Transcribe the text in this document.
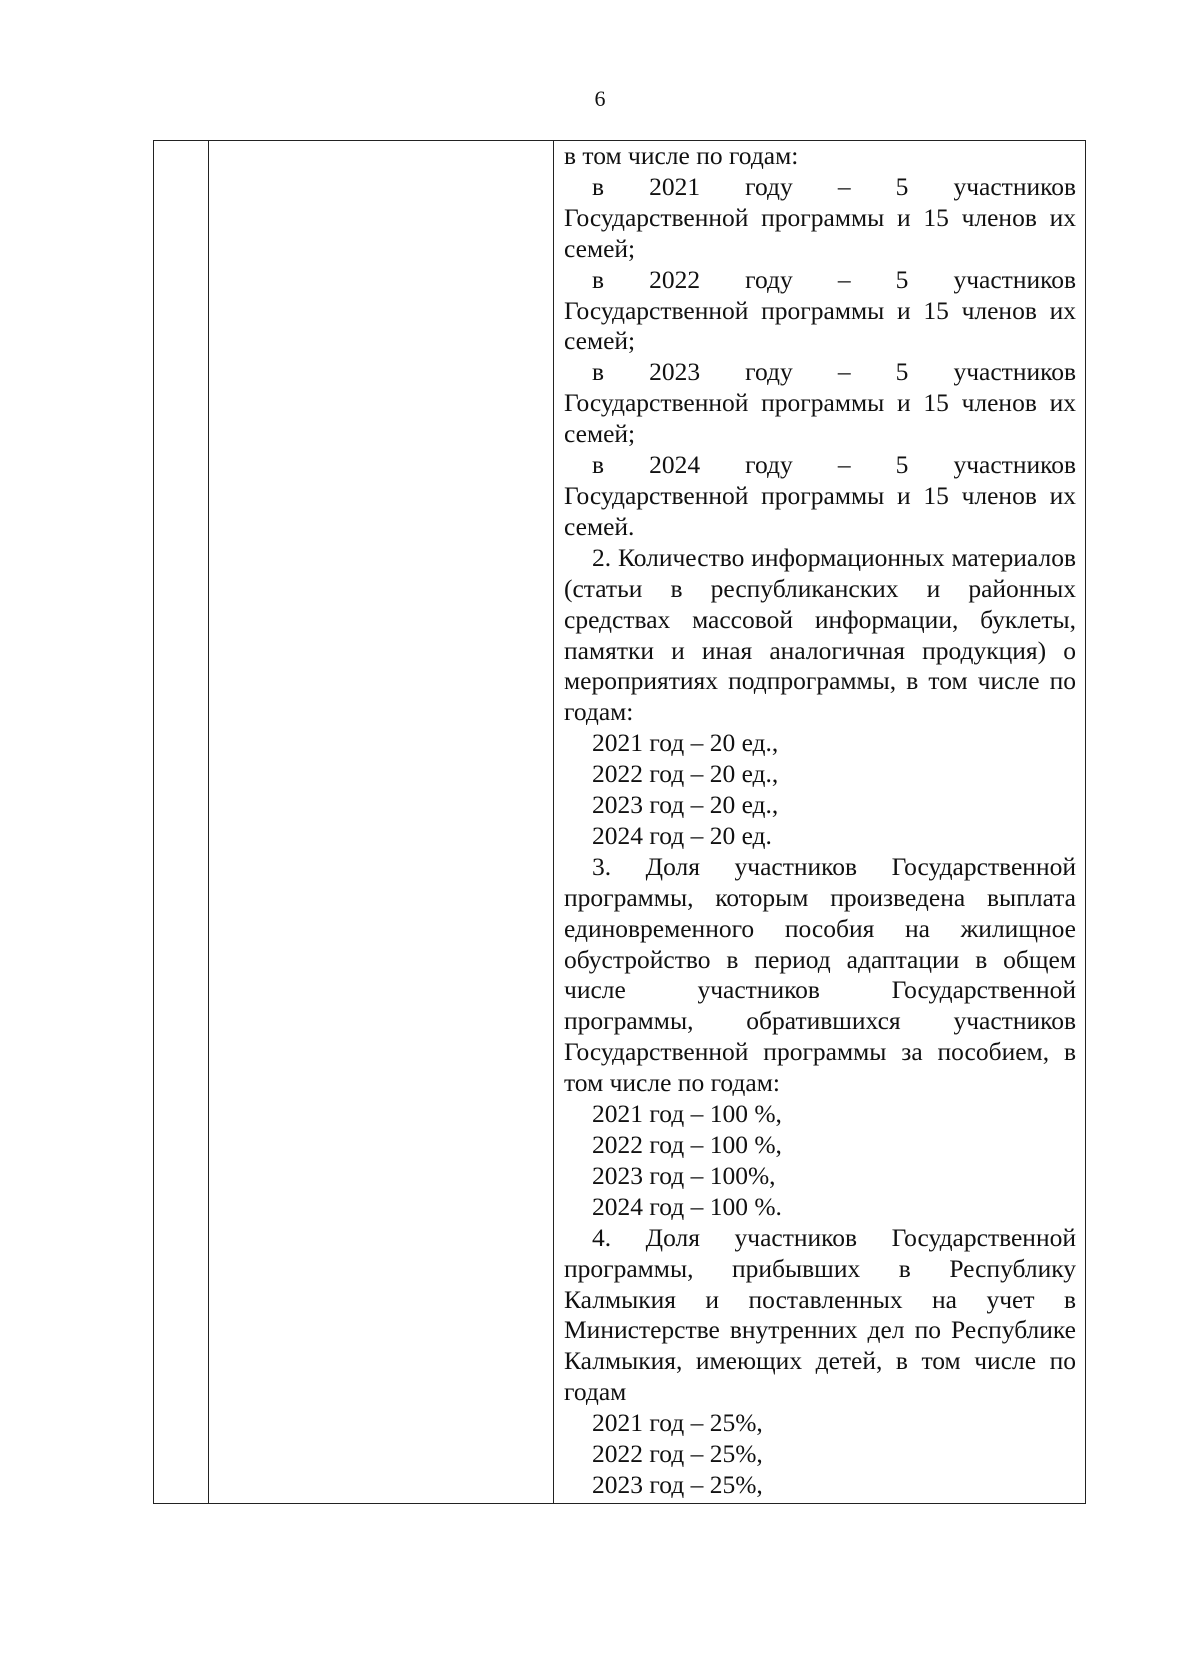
6

в том числе по годам:

в 2021 году – 5 участников

Государственной программы и 15 членов их семей;

в 2022 году – 5 участников

Государственной программы и 15 членов их семей;

в 2023 году – 5 участников

Государственной программы и 15 членов их семей;

в 2024 году – 5 участников

Государственной программы и 15 членов их семей.

2. Количество информационных материалов (статьи в республиканских и районных средствах массовой информации, буклеты, памятки и иная аналогичная продукция) о мероприятиях подпрограммы, в том числе по годам:

2021 год – 20 ед.,

2022 год – 20 ед.,

2023 год – 20 ед.,

2024 год – 20 ед.

3. Доля участников Государственной программы, которым произведена выплата единовременного пособия на жилищное обустройство в период адаптации в общем числе участников Государственной программы, обратившихся участников Государственной программы за пособием, в том числе по годам:

2021 год – 100 %,

2022 год – 100 %,

2023 год – 100%,

2024 год – 100 %.

4. Доля участников Государственной программы, прибывших в Республику Калмыкия и поставленных на учет в Министерстве внутренних дел по Республике Калмыкия, имеющих детей, в том числе по годам

2021 год – 25%,

2022 год – 25%,

2023 год – 25%,
